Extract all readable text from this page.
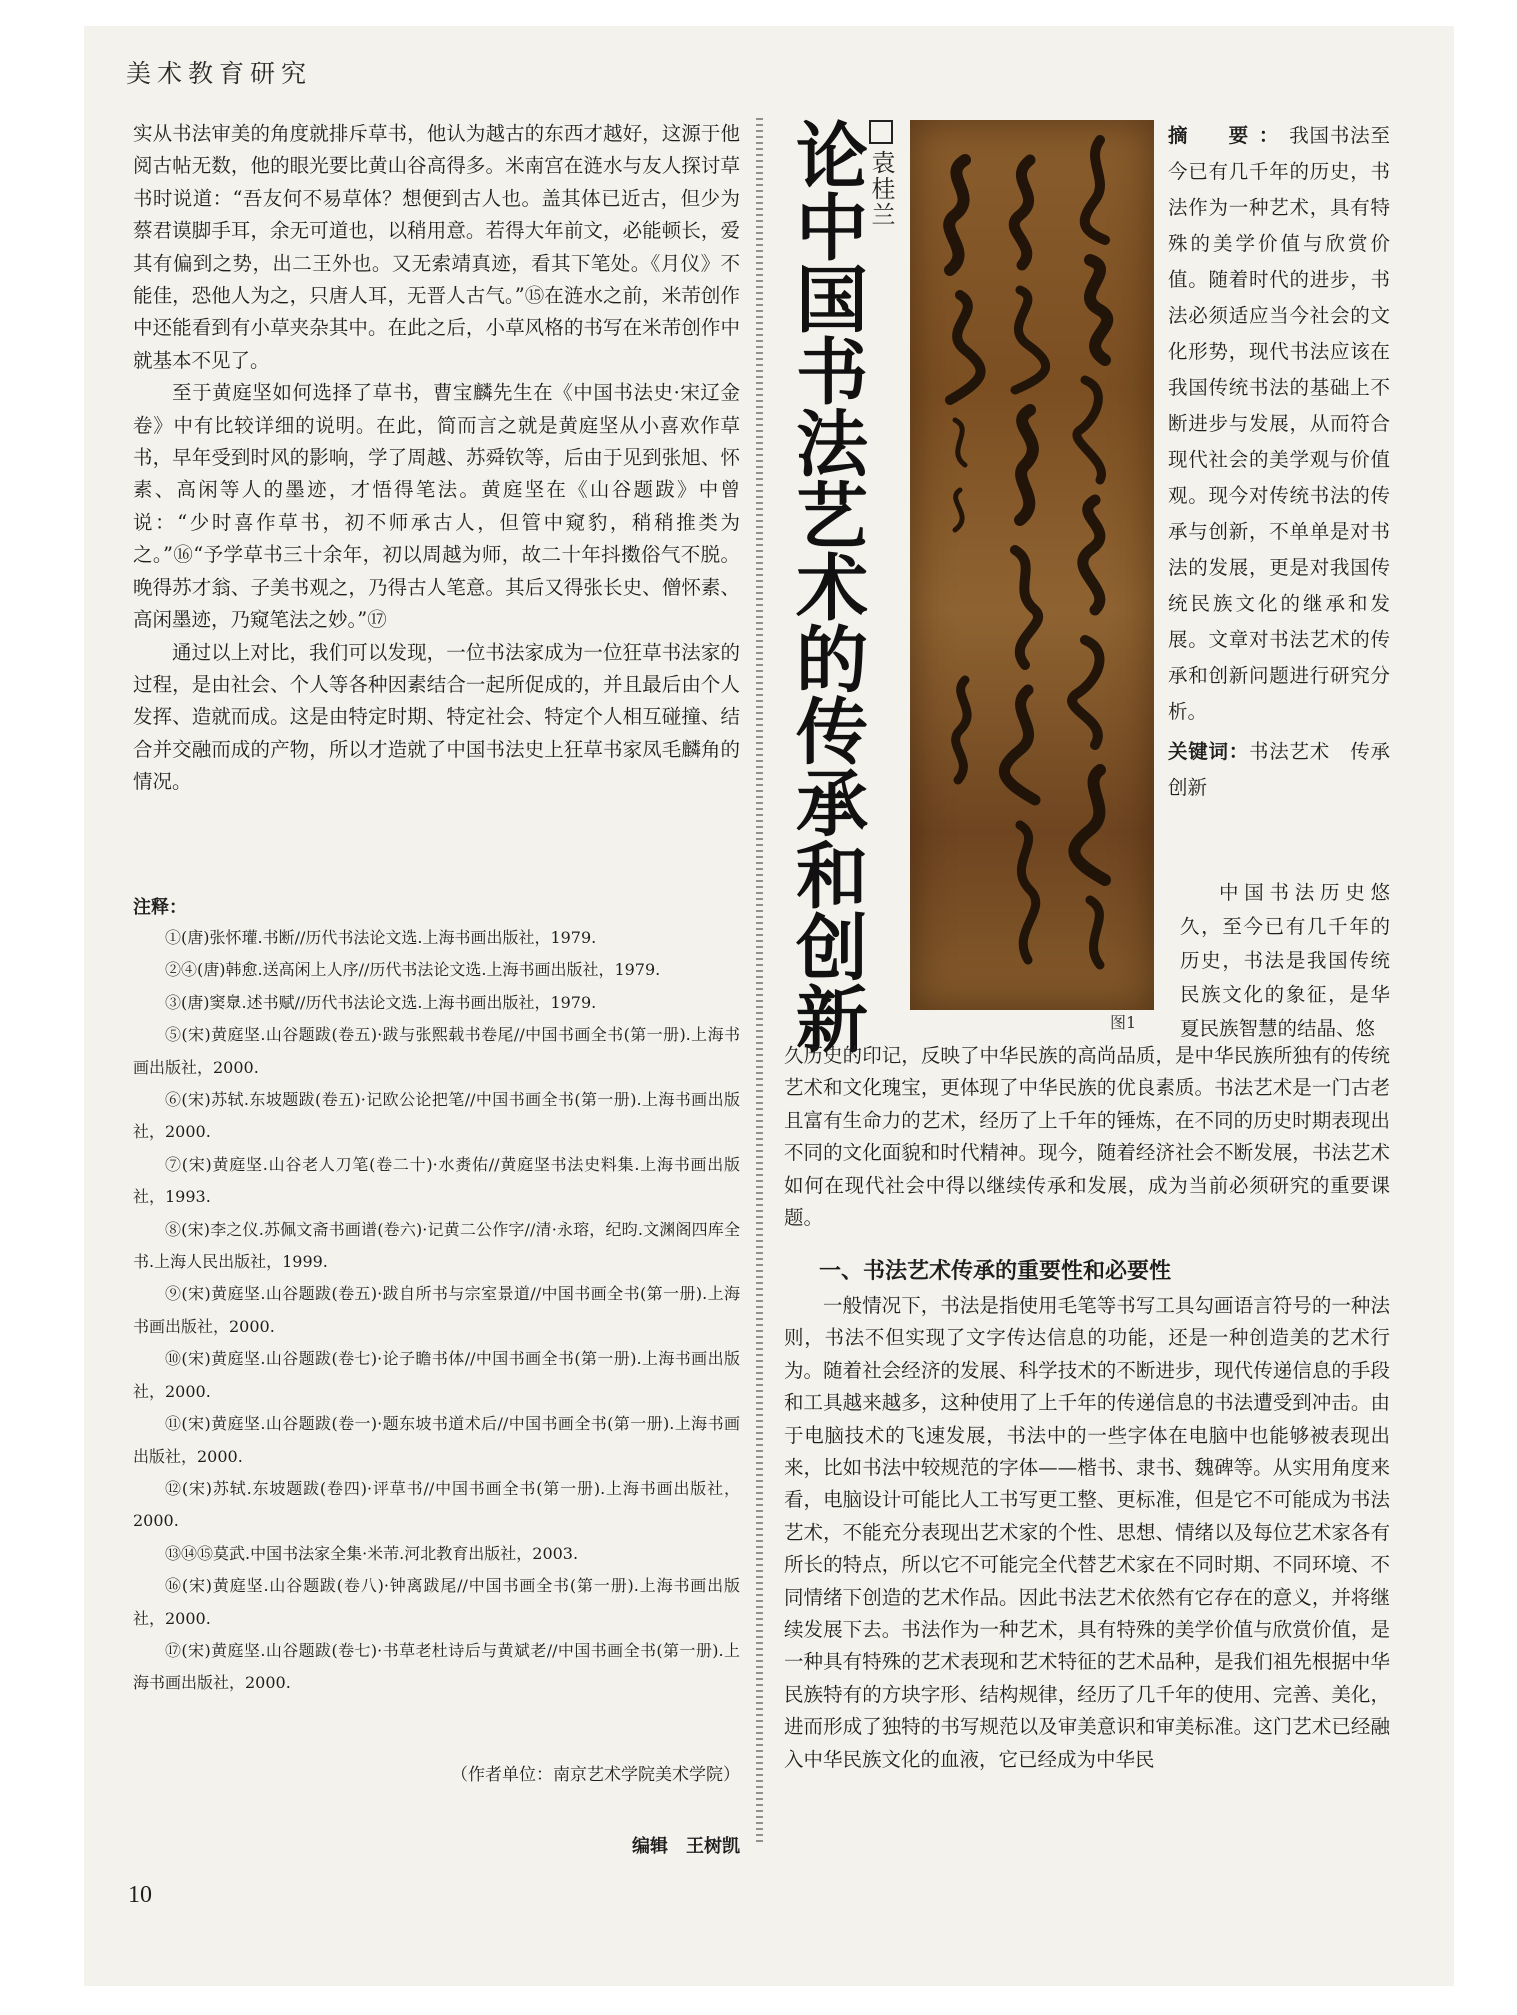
美术教育研究

实从书法审美的角度就排斥草书，他认为越古的东西才越好，这源于他阅古帖无数，他的眼光要比黄山谷高得多。米南宫在涟水与友人探讨草书时说道：“吾友何不易草体？想便到古人也。盖其体已近古，但少为蔡君谟脚手耳，余无可道也，以稍用意。若得大年前文，必能顿长，爱其有偏到之势，出二王外也。又无索靖真迹，看其下笔处。《月仪》不能佳，恐他人为之，只唐人耳，无晋人古气。”⑮在涟水之前，米芾创作中还能看到有小草夹杂其中。在此之后，小草风格的书写在米芾创作中就基本不见了。

至于黄庭坚如何选择了草书，曹宝麟先生在《中国书法史·宋辽金卷》中有比较详细的说明。在此，简而言之就是黄庭坚从小喜欢作草书，早年受到时风的影响，学了周越、苏舜钦等，后由于见到张旭、怀素、高闲等人的墨迹，才悟得笔法。黄庭坚在《山谷题跋》中曾说：“少时喜作草书，初不师承古人，但管中窥豹，稍稍推类为之。”⑯“予学草书三十余年，初以周越为师，故二十年抖擞俗气不脱。晚得苏才翁、子美书观之，乃得古人笔意。其后又得张长史、僧怀素、高闲墨迹，乃窥笔法之妙。”⑰

通过以上对比，我们可以发现，一位书法家成为一位狂草书法家的过程，是由社会、个人等各种因素结合一起所促成的，并且最后由个人发挥、造就而成。这是由特定时期、特定社会、特定个人相互碰撞、结合并交融而成的产物，所以才造就了中国书法史上狂草书家凤毛麟角的情况。

注释：

①(唐)张怀瓘.书断//历代书法论文选.上海书画出版社，1979.

②④(唐)韩愈.送高闲上人序//历代书法论文选.上海书画出版社，1979.

③(唐)窦臮.述书赋//历代书法论文选.上海书画出版社，1979.

⑤(宋)黄庭坚.山谷题跋(卷五)·跋与张熙载书卷尾//中国书画全书(第一册).上海书画出版社，2000.

⑥(宋)苏轼.东坡题跋(卷五)·记欧公论把笔//中国书画全书(第一册).上海书画出版社，2000.

⑦(宋)黄庭坚.山谷老人刀笔(卷二十)·水赉佑//黄庭坚书法史料集.上海书画出版社，1993.

⑧(宋)李之仪.苏佩文斋书画谱(卷六)·记黄二公作字//清·永瑢，纪昀.文渊阁四库全书.上海人民出版社，1999.

⑨(宋)黄庭坚.山谷题跋(卷五)·跋自所书与宗室景道//中国书画全书(第一册).上海书画出版社，2000.

⑩(宋)黄庭坚.山谷题跋(卷七)·论子瞻书体//中国书画全书(第一册).上海书画出版社，2000.

⑪(宋)黄庭坚.山谷题跋(卷一)·题东坡书道术后//中国书画全书(第一册).上海书画出版社，2000.

⑫(宋)苏轼.东坡题跋(卷四)·评草书//中国书画全书(第一册).上海书画出版社，2000.

⑬⑭⑮莫武.中国书法家全集·米芾.河北教育出版社，2003.

⑯(宋)黄庭坚.山谷题跋(卷八)·钟离跋尾//中国书画全书(第一册).上海书画出版社，2000.

⑰(宋)黄庭坚.山谷题跋(卷七)·书草老杜诗后与黄斌老//中国书画全书(第一册).上海书画出版社，2000.

（作者单位：南京艺术学院美术学院）
编辑　王树凯
论中国书法艺术的传承和创新 袁桂兰
图1

摘　要：我国书法至今已有几千年的历史，书法作为一种艺术，具有特殊的美学价值与欣赏价值。随着时代的进步，书法必须适应当今社会的文化形势，现代书法应该在我国传统书法的基础上不断进步与发展，从而符合现代社会的美学观与价值观。现今对传统书法的传承与创新，不单单是对书法的发展，更是对我国传统民族文化的继承和发展。文章对书法艺术的传承和创新问题进行研究分析。

关键词：书法艺术　传承　创新

中国书法历史悠久，至今已有几千年的历史，书法是我国传统民族文化的象征，是华夏民族智慧的结晶、悠
久历史的印记，反映了中华民族的高尚品质，是中华民族所独有的传统艺术和文化瑰宝，更体现了中华民族的优良素质。书法艺术是一门古老且富有生命力的艺术，经历了上千年的锤炼，在不同的历史时期表现出不同的文化面貌和时代精神。现今，随着经济社会不断发展，书法艺术如何在现代社会中得以继续传承和发展，成为当前必须研究的重要课题。
一、书法艺术传承的重要性和必要性
一般情况下，书法是指使用毛笔等书写工具勾画语言符号的一种法则，书法不但实现了文字传达信息的功能，还是一种创造美的艺术行为。随着社会经济的发展、科学技术的不断进步，现代传递信息的手段和工具越来越多，这种使用了上千年的传递信息的书法遭受到冲击。由于电脑技术的飞速发展，书法中的一些字体在电脑中也能够被表现出来，比如书法中较规范的字体——楷书、隶书、魏碑等。从实用角度来看，电脑设计可能比人工书写更工整、更标准，但是它不可能成为书法艺术，不能充分表现出艺术家的个性、思想、情绪以及每位艺术家各有所长的特点，所以它不可能完全代替艺术家在不同时期、不同环境、不同情绪下创造的艺术作品。因此书法艺术依然有它存在的意义，并将继续发展下去。书法作为一种艺术，具有特殊的美学价值与欣赏价值，是一种具有特殊的艺术表现和艺术特征的艺术品种，是我们祖先根据中华民族特有的方块字形、结构规律，经历了几千年的使用、完善、美化，进而形成了独特的书写规范以及审美意识和审美标准。这门艺术已经融入中华民族文化的血液，它已经成为中华民
10
